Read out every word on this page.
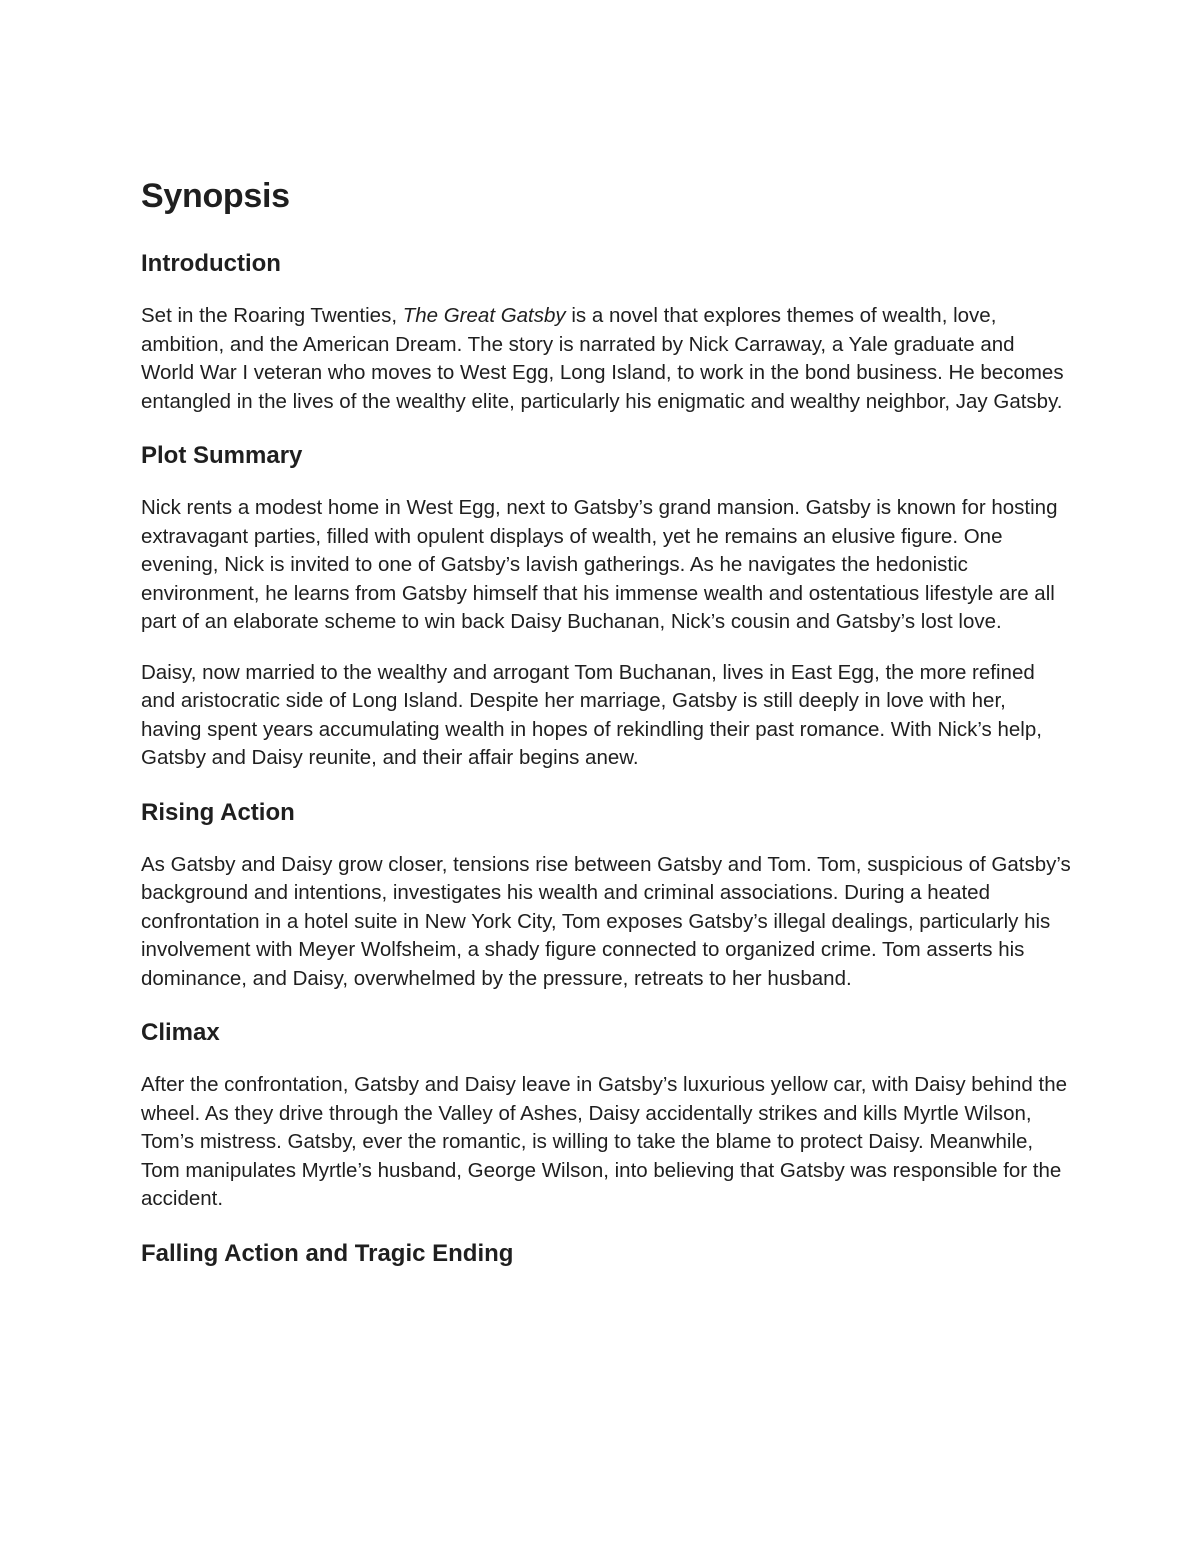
Synopsis
Introduction

Set in the Roaring Twenties, The Great Gatsby is a novel that explores themes of wealth, love, ambition, and the American Dream. The story is narrated by Nick Carraway, a Yale graduate and World War I veteran who moves to West Egg, Long Island, to work in the bond business. He becomes entangled in the lives of the wealthy elite, particularly his enigmatic and wealthy neighbor, Jay Gatsby.

Plot Summary

Nick rents a modest home in West Egg, next to Gatsby’s grand mansion. Gatsby is known for hosting extravagant parties, filled with opulent displays of wealth, yet he remains an elusive figure. One evening, Nick is invited to one of Gatsby’s lavish gatherings. As he navigates the hedonistic environment, he learns from Gatsby himself that his immense wealth and ostentatious lifestyle are all part of an elaborate scheme to win back Daisy Buchanan, Nick’s cousin and Gatsby’s lost love.

Daisy, now married to the wealthy and arrogant Tom Buchanan, lives in East Egg, the more refined and aristocratic side of Long Island. Despite her marriage, Gatsby is still deeply in love with her, having spent years accumulating wealth in hopes of rekindling their past romance. With Nick’s help, Gatsby and Daisy reunite, and their affair begins anew.

Rising Action

As Gatsby and Daisy grow closer, tensions rise between Gatsby and Tom. Tom, suspicious of Gatsby’s background and intentions, investigates his wealth and criminal associations. During a heated confrontation in a hotel suite in New York City, Tom exposes Gatsby’s illegal dealings, particularly his involvement with Meyer Wolfsheim, a shady figure connected to organized crime. Tom asserts his dominance, and Daisy, overwhelmed by the pressure, retreats to her husband.

Climax

After the confrontation, Gatsby and Daisy leave in Gatsby’s luxurious yellow car, with Daisy behind the wheel. As they drive through the Valley of Ashes, Daisy accidentally strikes and kills Myrtle Wilson, Tom’s mistress. Gatsby, ever the romantic, is willing to take the blame to protect Daisy. Meanwhile, Tom manipulates Myrtle’s husband, George Wilson, into believing that Gatsby was responsible for the accident.

Falling Action and Tragic Ending
